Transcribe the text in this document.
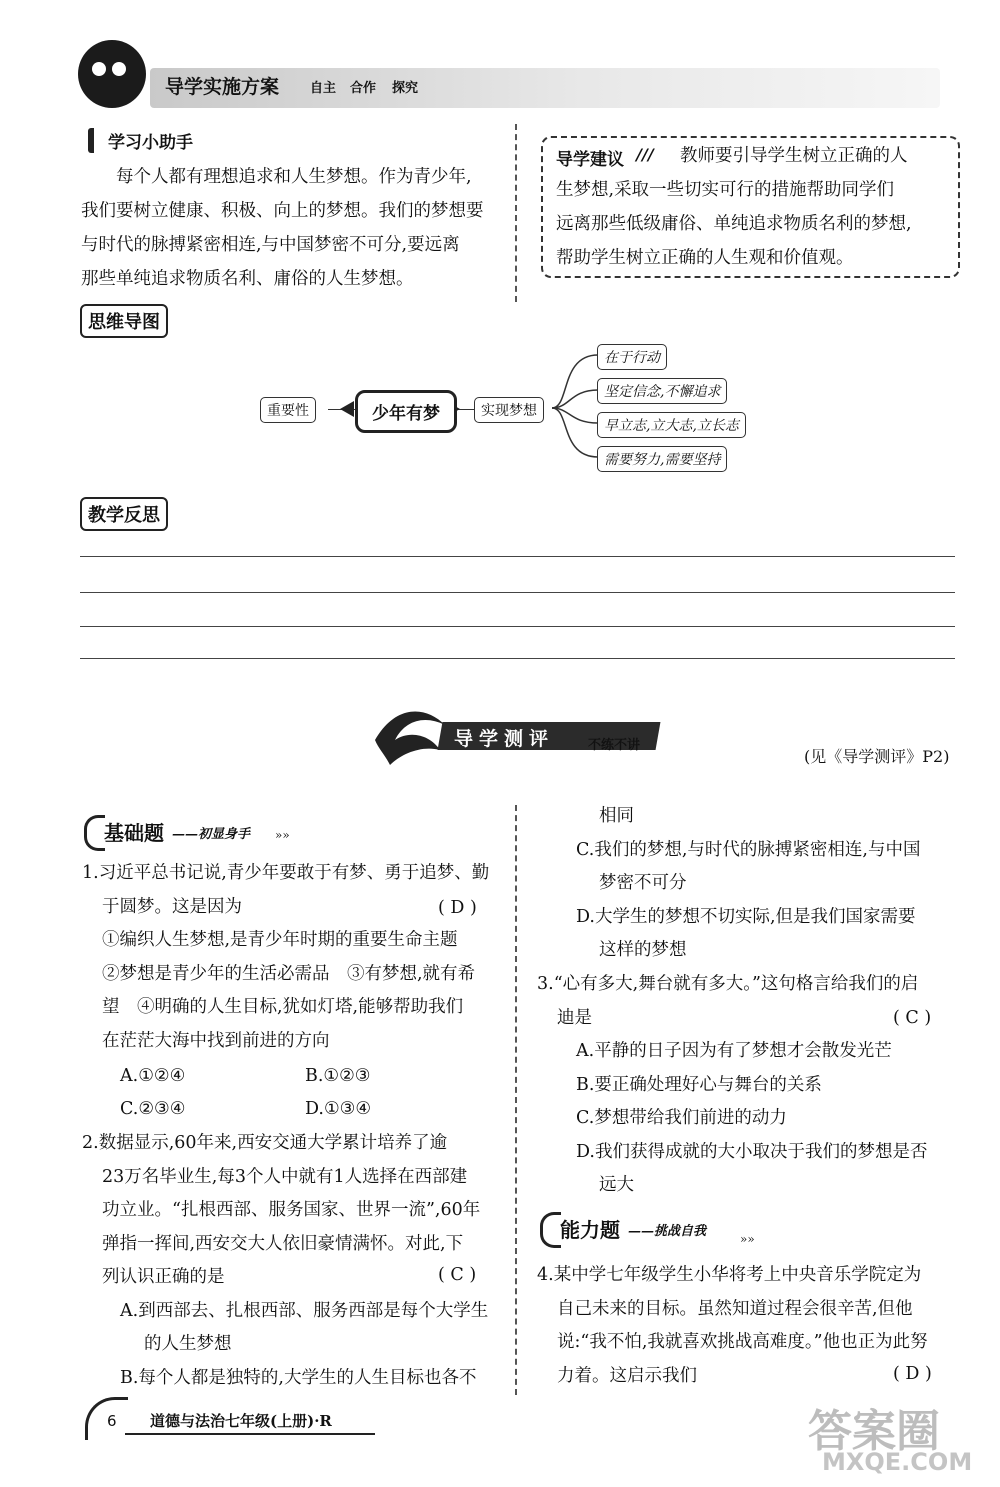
导学实施方案 自主 合作 探究
学习小助手
每个人都有理想追求和人生梦想。作为青少年,
我们要树立健康、积极、向上的梦想。我们的梦想要
与时代的脉搏紧密相连,与中国梦密不可分,要远离
那些单纯追求物质名利、庸俗的人生梦想。
导学建议 ///	教师要引导学生树立正确的人
生梦想,采取一些切实可行的措施帮助同学们
远离那些低级庸俗、单纯追求物质名利的梦想,
帮助学生树立正确的人生观和价值观。
思维导图
重要性	少年有梦	实现梦想
在于行动
坚定信念,不懈追求
早立志,立大志,立长志
需要努力,需要坚持
教学反思
导学测评	不练不讲
(见《导学测评》P2)
基础题 ——初显身手 »»
1.习近平总书记说,青少年要敢于有梦、勇于追梦、勤
于圆梦。这是因为
①编织人生梦想,是青少年时期的重要生命主题
②梦想是青少年的生活必需品　③有梦想,就有希
望　④明确的人生目标,犹如灯塔,能够帮助我们
在茫茫大海中找到前进的方向
( D )
A.①②④	B.①②③
C.②③④	D.①③④
2.数据显示,60年来,西安交通大学累计培养了逾
23万名毕业生,每3个人中就有1人选择在西部建
功立业。“扎根西部、服务国家、世界一流”,60年
弹指一挥间,西安交大人依旧豪情满怀。对此,下
列认识正确的是
A.到西部去、扎根西部、服务西部是每个大学生
的人生梦想
B.每个人都是独特的,大学生的人生目标也各不
( C )
相同
C.我们的梦想,与时代的脉搏紧密相连,与中国
梦密不可分
D.大学生的梦想不切实际,但是我们国家需要
这样的梦想
3.“心有多大,舞台就有多大。”这句格言给我们的启
迪是
A.平静的日子因为有了梦想才会散发光芒
B.要正确处理好心与舞台的关系
C.梦想带给我们前进的动力
D.我们获得成就的大小取决于我们的梦想是否
远大
( C )
能力题 ——挑战自我	»»
4.某中学七年级学生小华将考上中央音乐学院定为
自己未来的目标。虽然知道过程会很辛苦,但他
说:“我不怕,我就喜欢挑战高难度。”他也正为此努
力着。这启示我们	( D )
6 道德与法治七年级(上册)·R	答案圈
MXQE.COM
